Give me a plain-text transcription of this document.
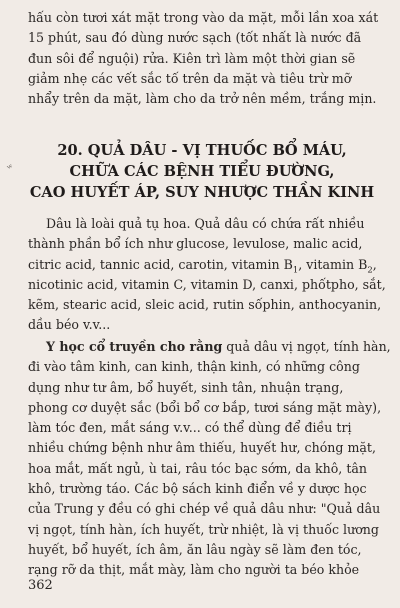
hấu còn tươi xát mặt trong vào da mặt, mỗi lần xoa xát
15 phút, sau đó dùng nước sạch (tốt nhất là nước đã
đun sôi để nguội) rửa. Kiên trì làm một thời gian sẽ
giảm nhẹ các vết sắc tố trên da mặt và tiêu trừ mỡ
nhẩy trên da mặt, làm cho da trở nên mềm, trắng mịn.
ʷ
20. QUẢ DÂU - VỊ THUỐC BỔ MÁU,
CHỮA CÁC BỆNH TIỂU ĐƯỜNG,
CAO HUYẾT ÁP, SUY NHƯỢC THẦN KINH
Dâu là loài quả tụ hoa. Quả dâu có chứa rất nhiều
thành phần bổ ích như glucose, levulose, malic acid,
citric acid, tannic acid, carotin, vitamin $B_1$, vitamin $B_2$,
nicotinic acid, vitamin C, vitamin D, canxi, phốtpho, sắt,
kẽm, stearic acid, sleic acid, rutin sốphin, anthocyanin,
dầu béo v.v...
Y học cổ truyền cho rằng quả dâu vị ngọt, tính hàn,
đi vào tâm kinh, can kinh, thận kinh, có những công
dụng như tư âm, bổ huyết, sinh tân, nhuận trạng,
phong cơ duyệt sắc (bổi bổ cơ bắp, tươi sáng mặt mày),
làm tóc đen, mắt sáng v.v... có thể dùng để điều trị
nhiều chứng bệnh như âm thiếu, huyết hư, chóng mặt,
hoa mắt, mất ngủ, ù tai, râu tóc bạc sớm, da khô, tân
khô, trường táo. Các bộ sách kinh điển về y dược học
của Trung y đều có ghi chép về quả dâu như: "Quả dâu
vị ngọt, tính hàn, ích huyết, trừ nhiệt, là vị thuốc lương
huyết, bổ huyết, ích âm, ăn lâu ngày sẽ làm đen tóc,
rạng rỡ da thịt, mắt mày, làm cho người ta béo khỏe
362
